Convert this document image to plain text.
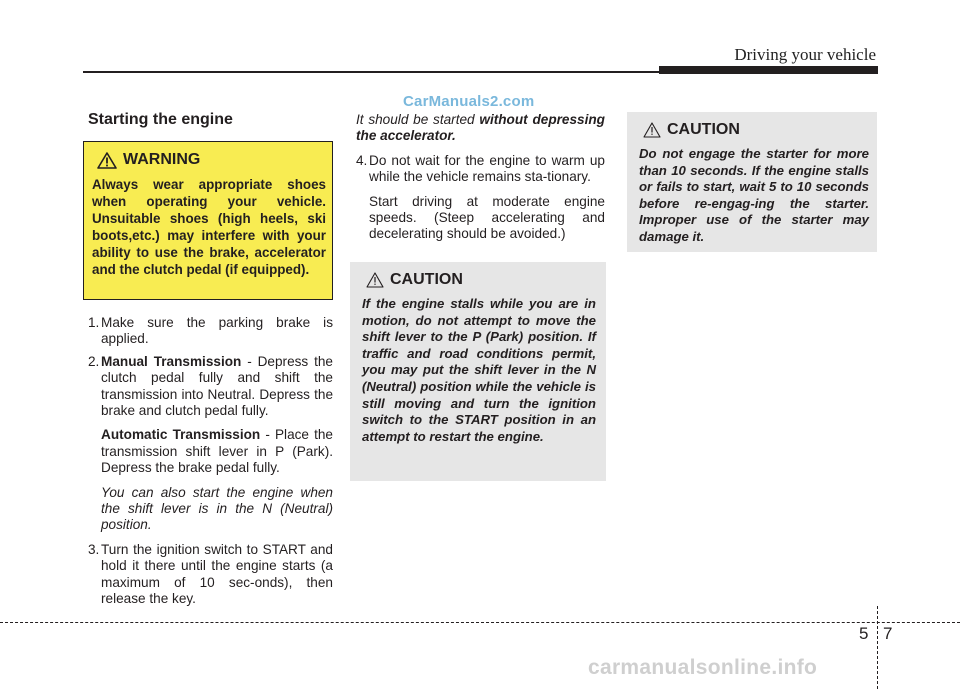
Driving your vehicle
CarManuals2.com
Starting the engine
WARNING
Always wear appropriate shoes when operating your vehicle. Unsuitable shoes (high heels, ski boots,etc.) may interfere with your ability to use the brake, accelerator and the clutch pedal (if equipped).
1. Make sure the parking brake is applied.
2. Manual Transmission - Depress the clutch pedal fully and shift the transmission into Neutral. Depress the brake and clutch pedal fully.

Automatic Transmission - Place the transmission shift lever in P (Park). Depress the brake pedal fully.

You can also start the engine when the shift lever is in the N (Neutral) position.

3. Turn the ignition switch to START and hold it there until the engine starts (a maximum of 10 sec-onds), then release the key.

It should be started without depressing the accelerator.

4. Do not wait for the engine to warm up while the vehicle remains sta-tionary.

Start driving at moderate engine speeds. (Steep accelerating and decelerating should be avoided.)

CAUTION
If the engine stalls while you are in motion, do not attempt to move the shift lever to the P (Park) position. If traffic and road conditions permit, you may put the shift lever in the N (Neutral) position while the vehicle is still moving and turn the ignition switch to the START position in an attempt to restart the engine.
CAUTION
Do not engage the starter for more than 10 seconds. If the engine stalls or fails to start, wait 5 to 10 seconds before re-engag-ing the starter. Improper use of the starter may damage it.
5 7
carmanualsonline.info
